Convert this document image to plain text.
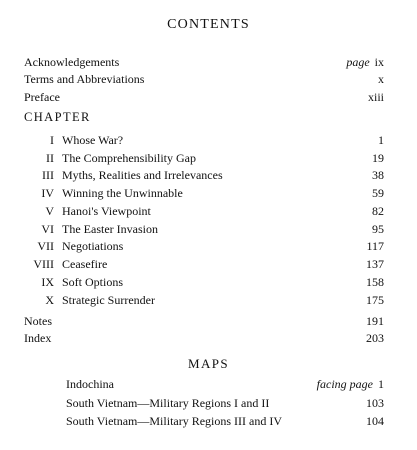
CONTENTS
Acknowledgements	page ix
Terms and Abbreviations	x
Preface	xiii
CHAPTER
I Whose War?	1
II The Comprehensibility Gap	19
III Myths, Realities and Irrelevances	38
IV Winning the Unwinnable	59
V Hanoi's Viewpoint	82
VI The Easter Invasion	95
VII Negotiations	117
VIII Ceasefire	137
IX Soft Options	158
X Strategic Surrender	175
Notes	191
Index	203
MAPS
Indochina	facing page 1
South Vietnam—Military Regions I and II	103
South Vietnam—Military Regions III and IV	104
